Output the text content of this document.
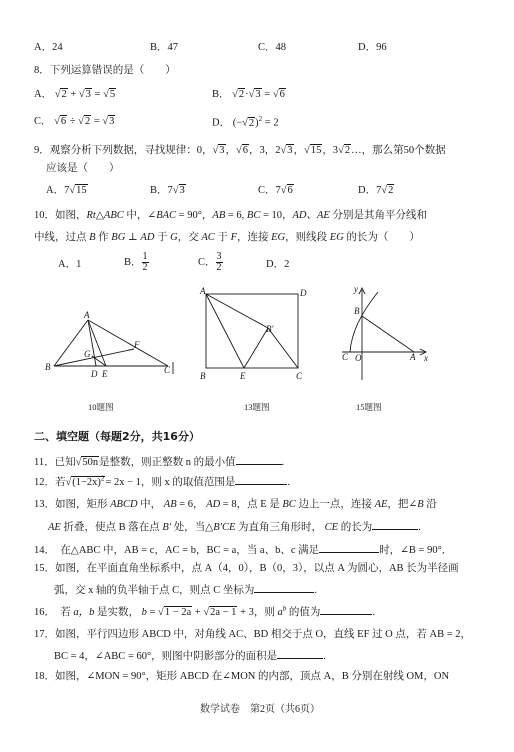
A．24	B．47	C．48	D．96
8．下列运算错误的是（　　）
A． √2 + √3 = √5	B． √2·√3 = √6
C． √6 ÷ √2 = √3	D． $(-√2)^2 = 2$
9．观察分析下列数据，寻找规律：0，√3，√6，3，2√3，√15，3√2…，那么第50个数据
应该是（　　）
A．7√15	B．7√3	C．7√6	D．7√2
10．如图，Rt△ABC 中，∠BAC = 90°，AB = 6, BC = 10，AD、AE 分别是其角平分线和
中线，过点 B 作 BG ⊥ AD 于 G，交 AC 于 F，连接 EG，则线段 EG 的长为（　　）
A．1	B． $\frac{1}{2}$	C． $\frac{3}{2}$	D．2
A
B
G
F
D E	C
10题图
A	D
B′
B	E	C
13题图
y
B
C O	A x
15题图
二、填空题（每题2分，共16分）
11．已知√50n是整数，则正整数 n 的最小值	.
12．若$√(1-2x)^2= 2x - 1$，则 x 的取值范围是	.
13．如图，矩形 ABCD 中， AB = 6， AD = 8，点 E 是 BC 边上一点，连接 AE，把∠B 沿
AE 折叠，使点 B 落在点 B′ 处，当△B′CE 为直角三角形时， CE 的长为	.
14．　在△ABC 中，AB = c，AC = b，BC = a，当 a、b、c 满足	时，∠B = 90°．
15．如图，在平面直角坐标系中，点 A（4，0），B（0，3），以点 A 为圆心，AB 长为半径画
弧，交 x 轴的负半轴于点 C，则点 C 坐标为	.
16．　若 a，b 是实数， b = √1 − 2a + √2a − 1 + 3，则 $a^b$ 的值为	.
17．如图，平行四边形 ABCD 中，对角线 AC、BD 相交于点 O，直线 EF 过 O 点，若 AB = 2，
BC = 4，∠ABC = 60°，则图中阴影部分的面积是	.
18．如图，∠MON = 90°，矩形 ABCD 在∠MON 的内部，顶点 A，B 分别在射线 OM，ON
数学试卷　第2页（共6页）
